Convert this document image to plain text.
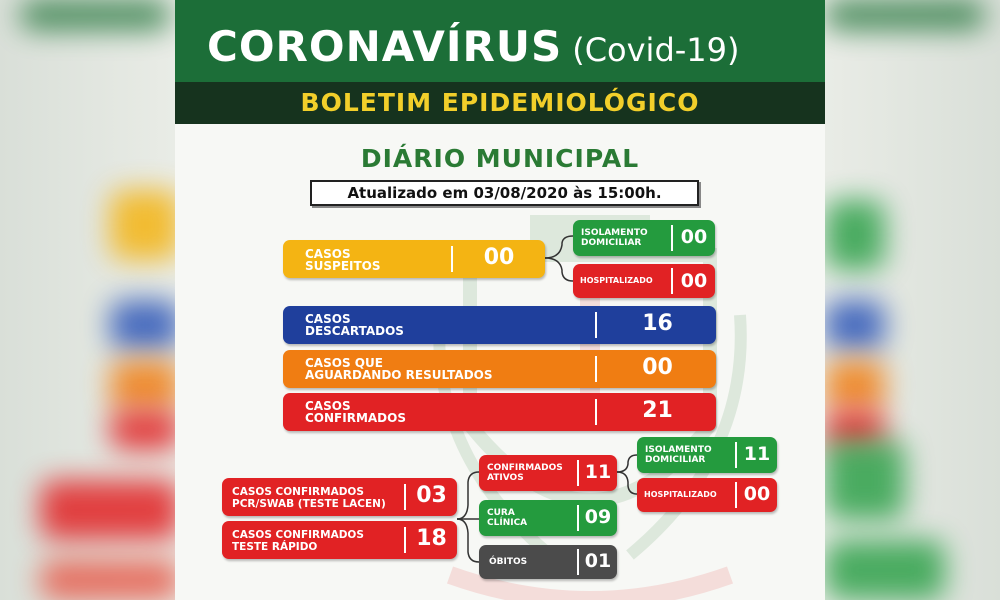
CORONAVÍRUS (Covid-19)
BOLETIM EPIDEMIOLÓGICO
DIÁRIO MUNICIPAL
Atualizado em 03/08/2020 às 15:00h.
CASOS
SUSPEITOS	00
ISOLAMENTO
DOMICILIAR	00
HOSPITALIZADO	00
CASOS
DESCARTADOS	16
CASOS QUE
AGUARDANDO RESULTADOS	00
CASOS
CONFIRMADOS	21
CASOS CONFIRMADOS
PCR/SWAB (TESTE LACEN)	03
CASOS CONFIRMADOS
TESTE RÁPIDO	18
CONFIRMADOS
ATIVOS	11
CURA
CLÍNICA	09
ÓBITOS	01
ISOLAMENTO
DOMICILIAR	11
HOSPITALIZADO	00
